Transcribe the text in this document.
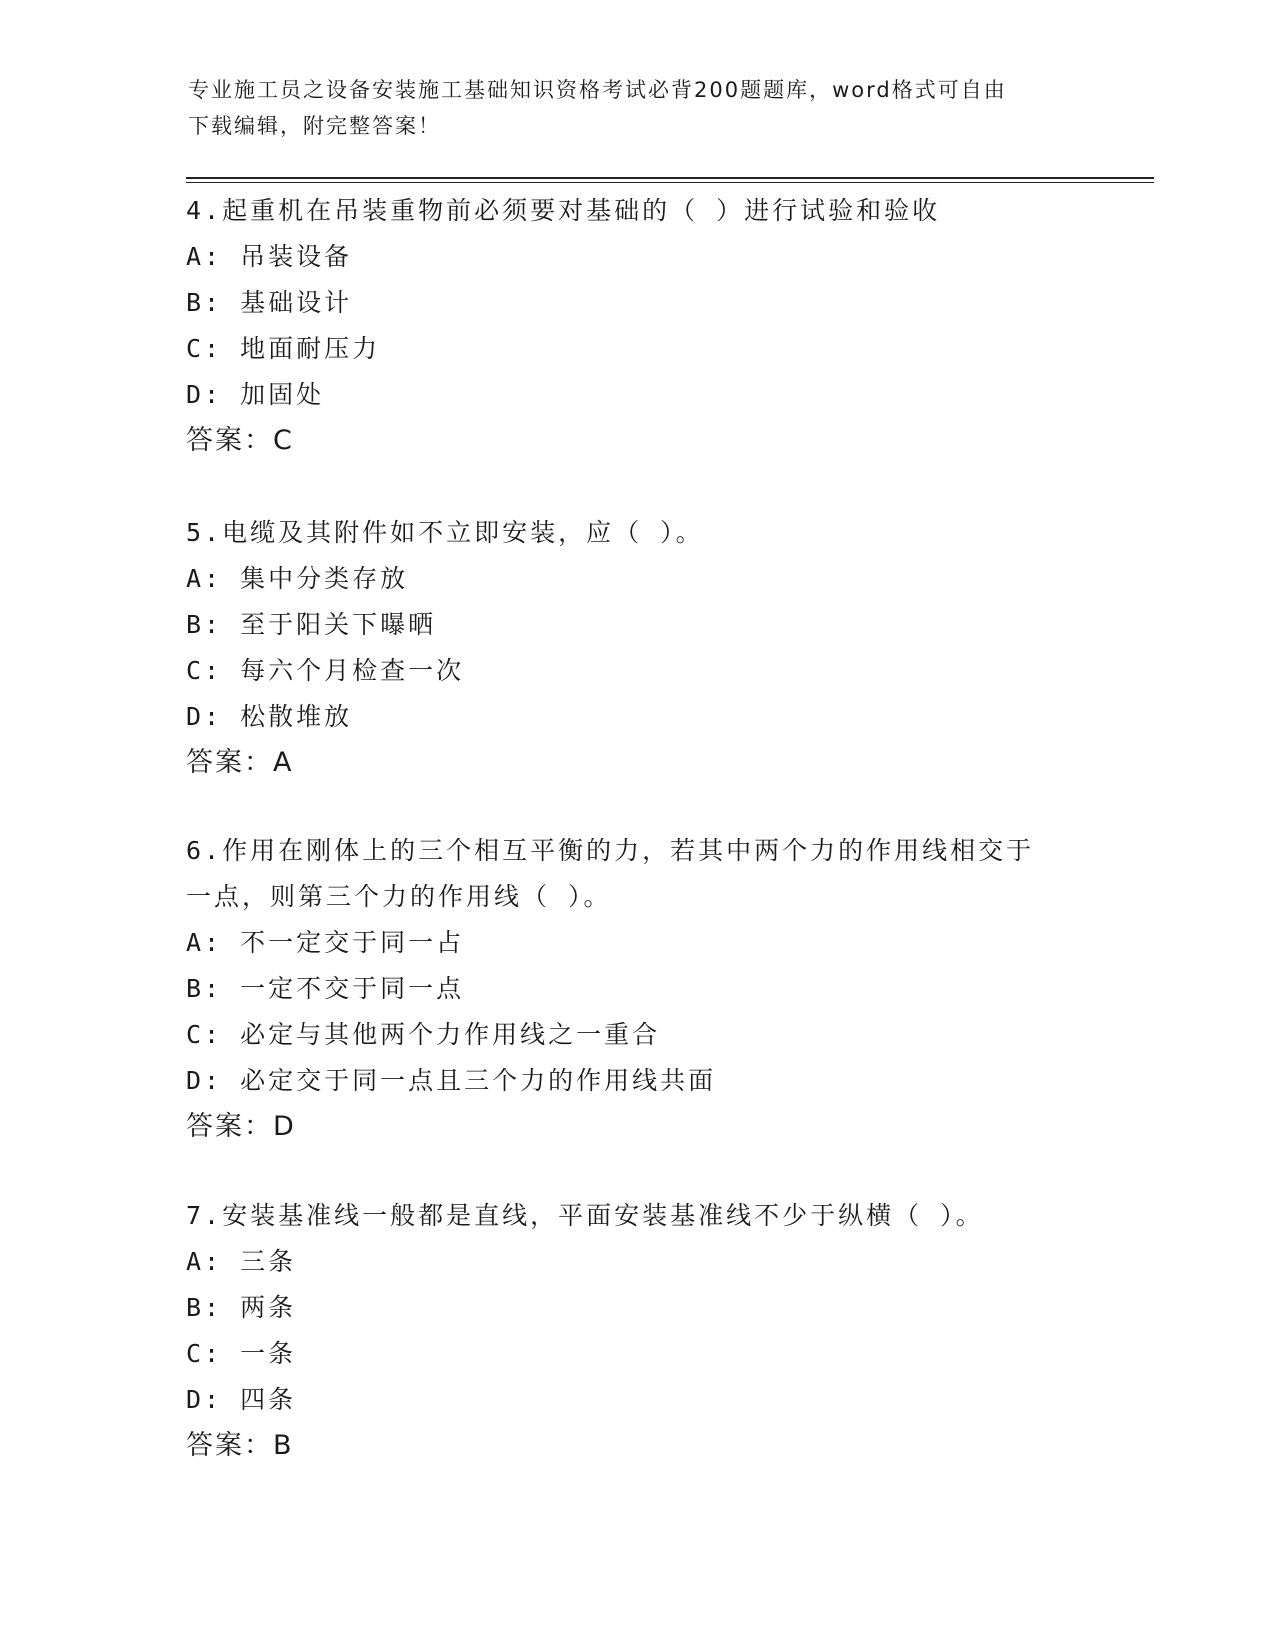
专业施工员之设备安装施工基础知识资格考试必背200题题库，word格式可自由
下载编辑，附完整答案！
4.起重机在吊装重物前必须要对基础的（ ）进行试验和验收
A: 吊装设备
B: 基础设计
C: 地面耐压力
D: 加固处
答案：C
5.电缆及其附件如不立即安装，应（ ）。
A: 集中分类存放
B: 至于阳关下曝晒
C: 每六个月检查一次
D: 松散堆放
答案：A
6.作用在刚体上的三个相互平衡的力，若其中两个力的作用线相交于
一点，则第三个力的作用线（ ）。
A: 不一定交于同一占
B: 一定不交于同一点
C: 必定与其他两个力作用线之一重合
D: 必定交于同一点且三个力的作用线共面
答案：D
7.安装基准线一般都是直线，平面安装基准线不少于纵横（ ）。
A: 三条
B: 两条
C: 一条
D: 四条
答案：B
